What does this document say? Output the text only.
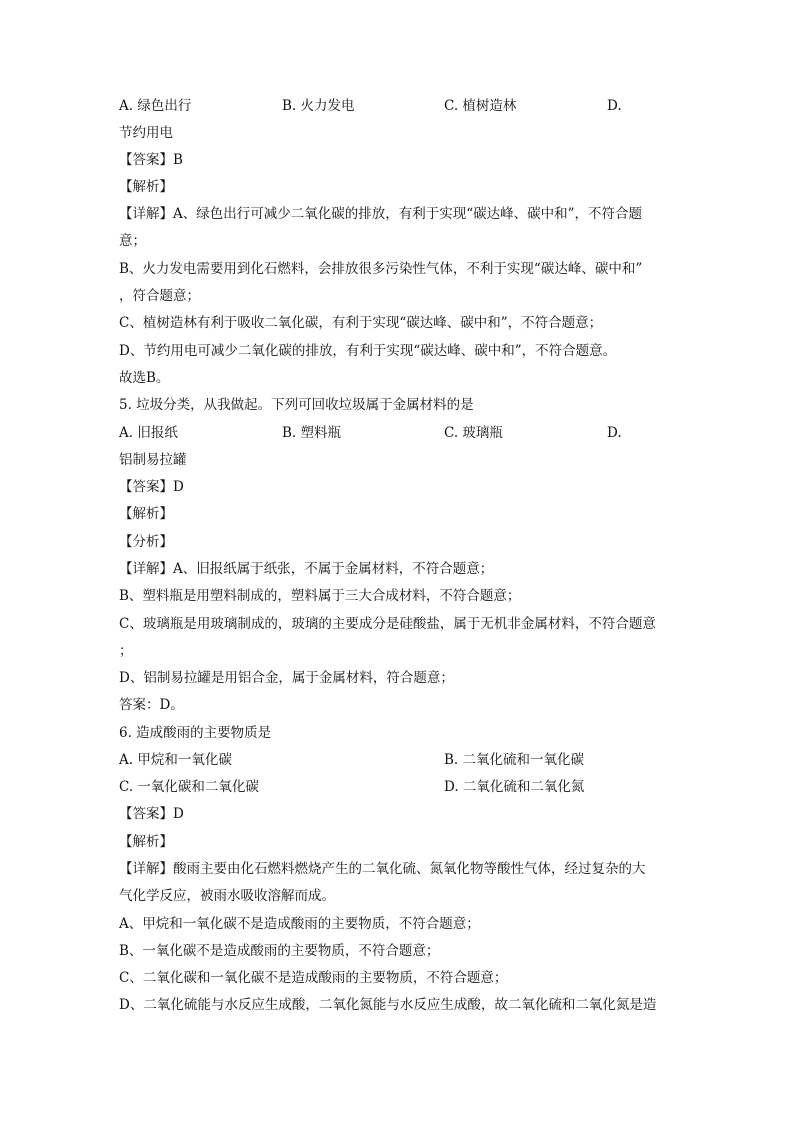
A. 绿色出行	B. 火力发电	C. 植树造林	D.
节约用电
【答案】B
【解析】
【详解】A、绿色出行可减少二氧化碳的排放，有利于实现“碳达峰、碳中和”，不符合题
意；
B、火力发电需要用到化石燃料，会排放很多污染性气体，不利于实现“碳达峰、碳中和”
，符合题意；
C、植树造林有利于吸收二氧化碳，有利于实现“碳达峰、碳中和”，不符合题意；
D、节约用电可减少二氧化碳的排放，有利于实现“碳达峰、碳中和”，不符合题意。
故选B。
5. 垃圾分类，从我做起。下列可回收垃圾属于金属材料的是
A. 旧报纸	B. 塑料瓶	C. 玻璃瓶	D.
铝制易拉罐
【答案】D
【解析】
【分析】
【详解】A、旧报纸属于纸张，不属于金属材料，不符合题意；
B、塑料瓶是用塑料制成的，塑料属于三大合成材料，不符合题意；
C、玻璃瓶是用玻璃制成的，玻璃的主要成分是硅酸盐，属于无机非金属材料，不符合题意
；
D、铝制易拉罐是用铝合金，属于金属材料，符合题意；
答案：D。
6. 造成酸雨的主要物质是
A. 甲烷和一氧化碳	B. 二氧化硫和一氧化碳
C. 一氧化碳和二氧化碳	D. 二氧化硫和二氧化氮
【答案】D
【解析】
【详解】酸雨主要由化石燃料燃烧产生的二氧化硫、氮氧化物等酸性气体，经过复杂的大
气化学反应，被雨水吸收溶解而成。
A、甲烷和一氧化碳不是造成酸雨的主要物质，不符合题意；
B、一氧化碳不是造成酸雨的主要物质，不符合题意；
C、二氧化碳和一氧化碳不是造成酸雨的主要物质，不符合题意；
D、二氧化硫能与水反应生成酸，二氧化氮能与水反应生成酸，故二氧化硫和二氧化氮是造
